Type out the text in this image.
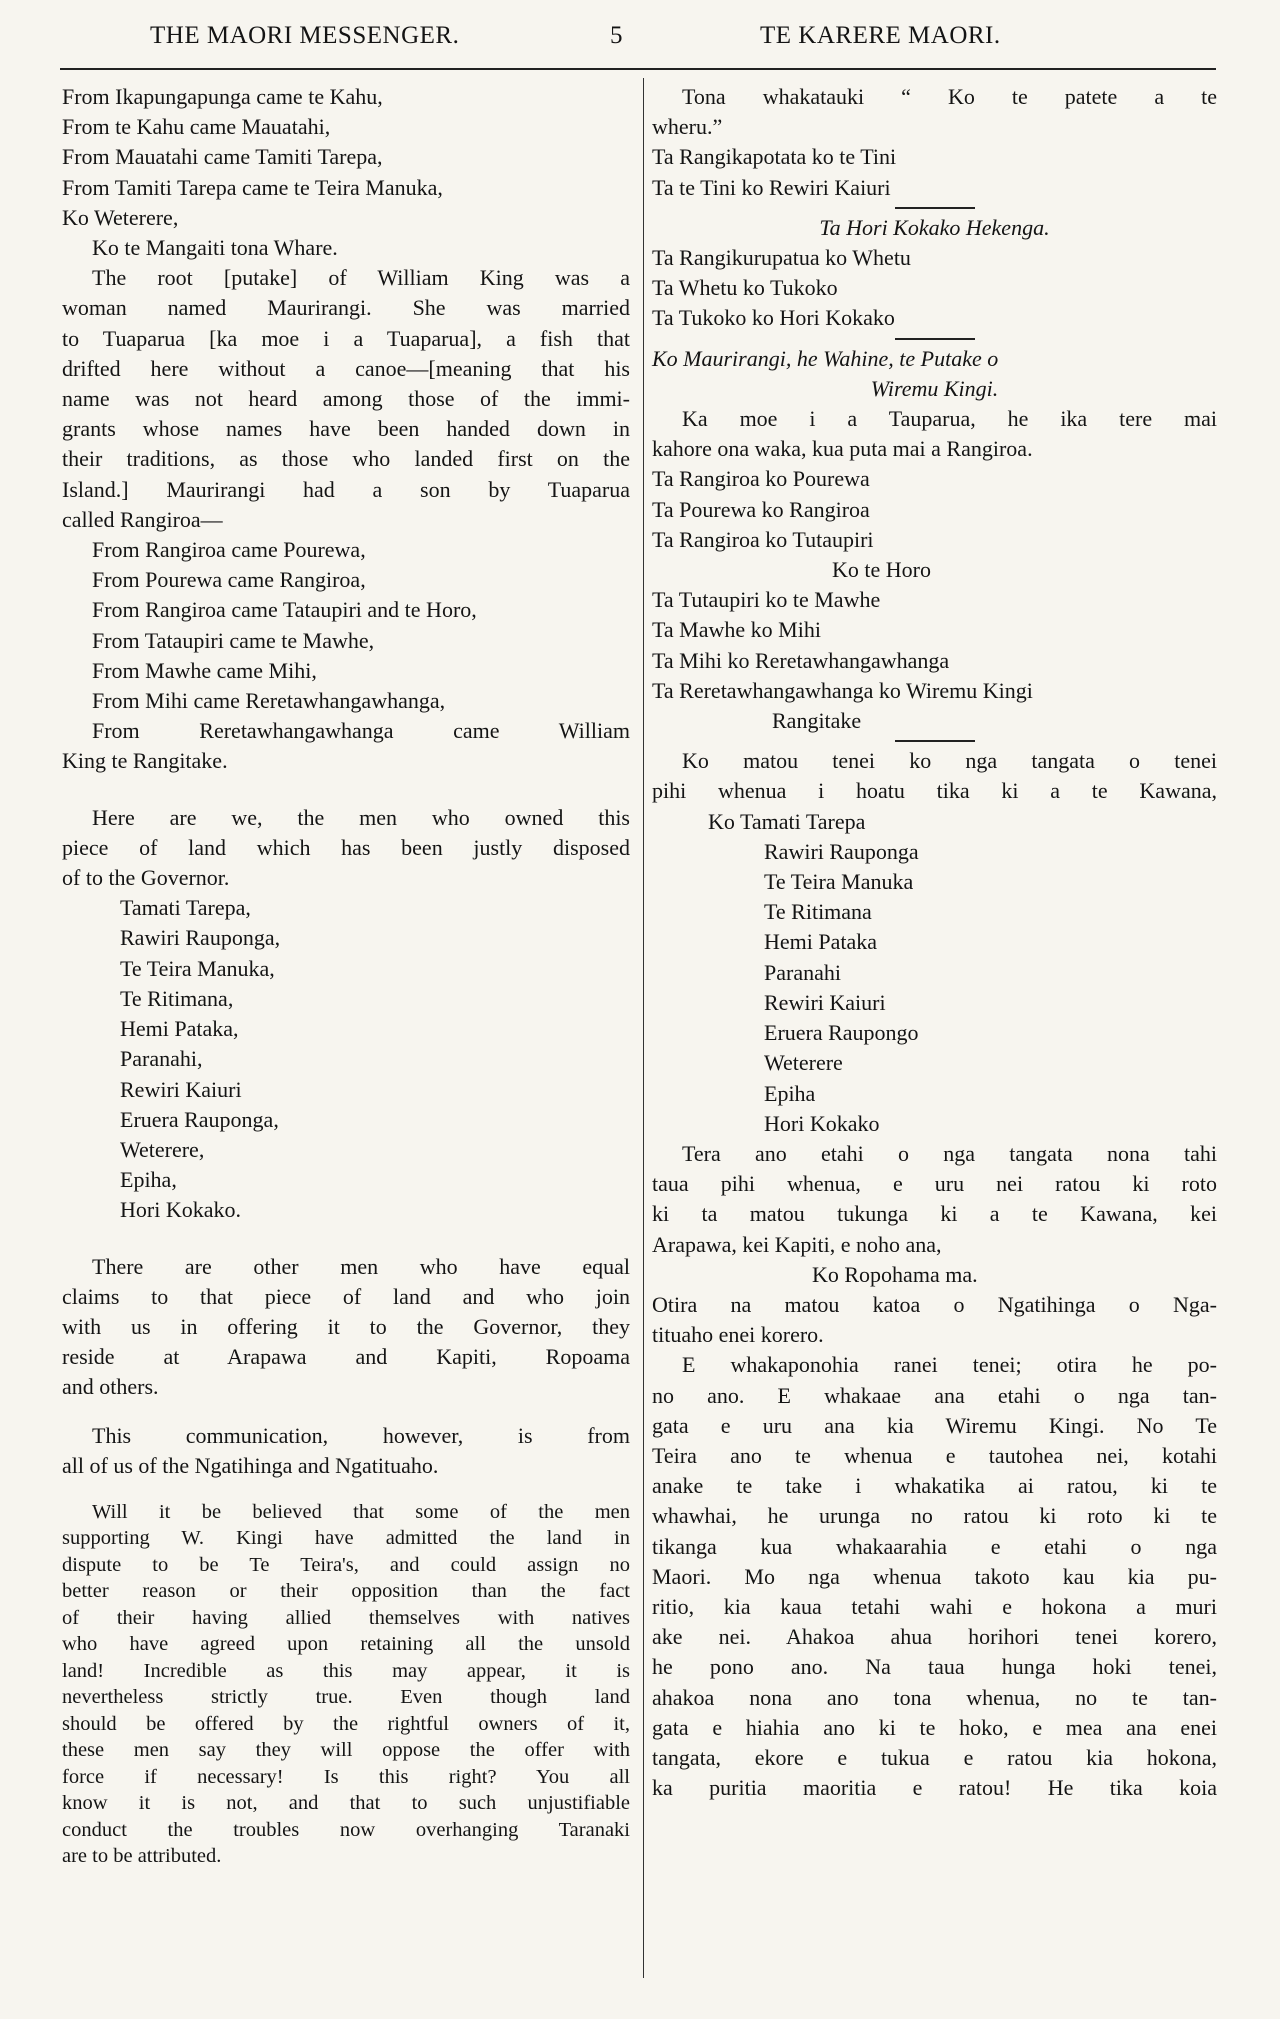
THE MAORI MESSENGER.	5	TE KARERE MAORI.
From Ikapungapunga came te Kahu,
From te Kahu came Mauatahi,
From Mauatahi came Tamiti Tarepa,
From Tamiti Tarepa came te Teira Manuka,
Ko Weterere,
Ko te Mangaiti tona Whare.
The root [putake] of William King was a
woman named Maurirangi. She was married
to Tuaparua [ka moe i a Tuaparua], a fish that
drifted here without a canoe—[meaning that his
name was not heard among those of the immi-
grants whose names have been handed down in
their traditions, as those who landed first on the
Island.] Maurirangi had a son by Tuaparua
called Rangiroa—
From Rangiroa came Pourewa,
From Pourewa came Rangiroa,
From Rangiroa came Tataupiri and te Horo,
From Tataupiri came te Mawhe,
From Mawhe came Mihi,
From Mihi came Reretawhangawhanga,
From Reretawhangawhanga came William
King te Rangitake.
Here are we, the men who owned this
piece of land which has been justly disposed
of to the Governor.
Tamati Tarepa,
Rawiri Rauponga,
Te Teira Manuka,
Te Ritimana,
Hemi Pataka,
Paranahi,
Rewiri Kaiuri
Eruera Rauponga,
Weterere,
Epiha,
Hori Kokako.
There are other men who have equal
claims to that piece of land and who join
with us in offering it to the Governor, they
reside at Arapawa and Kapiti, Ropoama
and others.
This communication, however, is from
all of us of the Ngatihinga and Ngatituaho.
Will it be believed that some of the men
supporting W. Kingi have admitted the land in
dispute to be Te Teira's, and could assign no
better reason or their opposition than the fact
of their having allied themselves with natives
who have agreed upon retaining all the unsold
land! Incredible as this may appear, it is
nevertheless strictly true. Even though land
should be offered by the rightful owners of it,
these men say they will oppose the offer with
force if necessary! Is this right? You all
know it is not, and that to such unjustifiable
conduct the troubles now overhanging Taranaki
are to be attributed.
Tona whakatauki “ Ko te patete a te
wheru.”
Ta Rangikapotata ko te Tini
Ta te Tini ko Rewiri Kaiuri
Ta Hori Kokako Hekenga.
Ta Rangikurupatua ko Whetu
Ta Whetu ko Tukoko
Ta Tukoko ko Hori Kokako
Ko Maurirangi, he Wahine, te Putake o
Wiremu Kingi.
Ka moe i a Tauparua, he ika tere mai
kahore ona waka, kua puta mai a Rangiroa.
Ta Rangiroa ko Pourewa
Ta Pourewa ko Rangiroa
Ta Rangiroa ko Tutaupiri
Ko te Horo
Ta Tutaupiri ko te Mawhe
Ta Mawhe ko Mihi
Ta Mihi ko Reretawhangawhanga
Ta Reretawhangawhanga ko Wiremu Kingi
Rangitake
Ko matou tenei ko nga tangata o tenei
pihi whenua i hoatu tika ki a te Kawana,
Ko Tamati Tarepa
Rawiri Rauponga
Te Teira Manuka
Te Ritimana
Hemi Pataka
Paranahi
Rewiri Kaiuri
Eruera Raupongo
Weterere
Epiha
Hori Kokako
Tera ano etahi o nga tangata nona tahi
taua pihi whenua, e uru nei ratou ki roto
ki ta matou tukunga ki a te Kawana, kei
Arapawa, kei Kapiti, e noho ana,
Ko Ropohama ma.
Otira na matou katoa o Ngatihinga o Nga-
tituaho enei korero.
E whakaponohia ranei tenei; otira he po-
no ano. E whakaae ana etahi o nga tan-
gata e uru ana kia Wiremu Kingi. No Te
Teira ano te whenua e tautohea nei, kotahi
anake te take i whakatika ai ratou, ki te
whawhai, he urunga no ratou ki roto ki te
tikanga kua whakaarahia e etahi o nga
Maori. Mo nga whenua takoto kau kia pu-
ritio, kia kaua tetahi wahi e hokona a muri
ake nei. Ahakoa ahua horihori tenei korero,
he pono ano. Na taua hunga hoki tenei,
ahakoa nona ano tona whenua, no te tan-
gata e hiahia ano ki te hoko, e mea ana enei
tangata, ekore e tukua e ratou kia hokona,
ka puritia maoritia e ratou! He tika koia
